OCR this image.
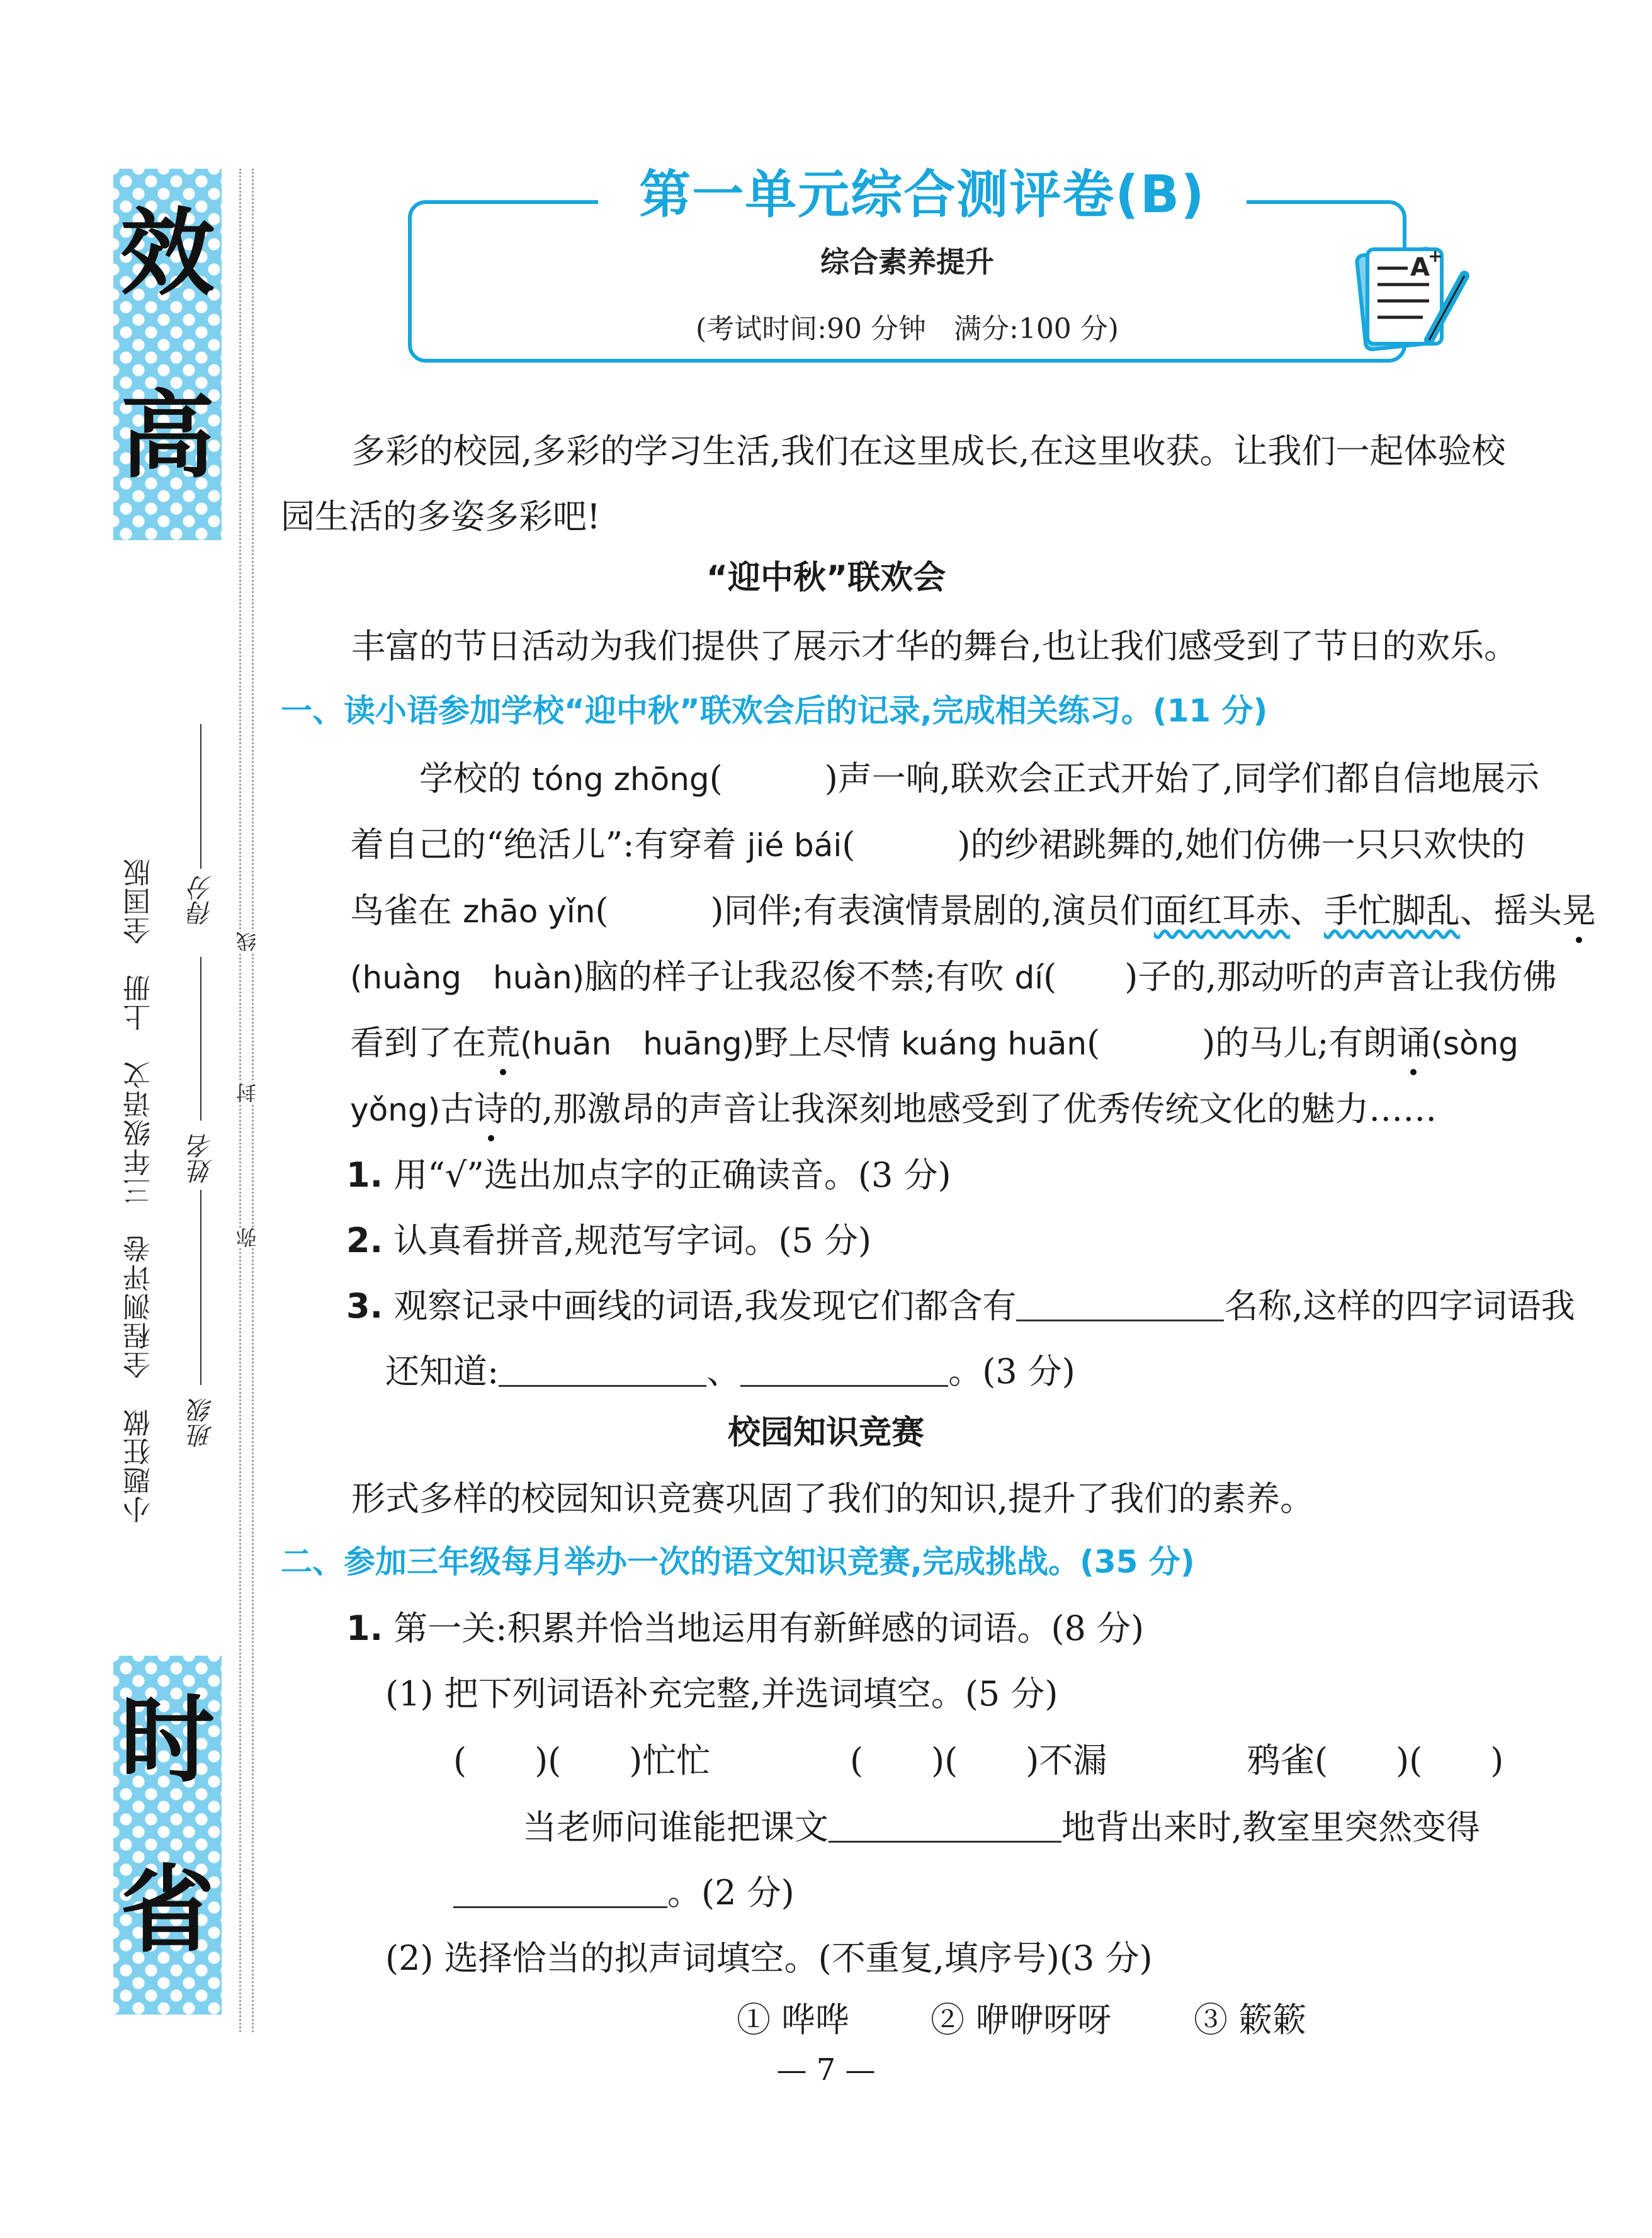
效
高
时
省
小题狂做　全程测评卷　三年级语文　上册　全国版 班级
姓名
得分
弥
封
线
第一单元综合测评卷(B)
综合素养提升
(考试时间:90 分钟　满分:100 分)
A
+
多彩的校园,多彩的学习生活,我们在这里成长,在这里收获。让我们一起体验校
园生活的多姿多彩吧!
“迎中秋”联欢会
丰富的节日活动为我们提供了展示才华的舞台,也让我们感受到了节日的欢乐。
一、读小语参加学校“迎中秋”联欢会后的记录,完成相关练习。(11 分)
学校的 tóng zhōng(　　　)声一响,联欢会正式开始了,同学们都自信地展示
着自己的“绝活儿”:有穿着 jié bái(　　　)的纱裙跳舞的,她们仿佛一只只欢快的
鸟雀在 zhāo yǐn(　　　)同伴;有表演情景剧的,演员们面红耳赤、手忙脚乱、摇头晃
(huàng　huàn)脑的样子让我忍俊不禁;有吹 dí(　　)子的,那动听的声音让我仿佛
看到了在荒(huān　huāng)野上尽情 kuáng huān(　　　)的马儿;有朗诵(sòng
yǒng)古诗的,那激昂的声音让我深刻地感受到了优秀传统文化的魅力……
1. 用“√”选出加点字的正确读音。(3 分)
2. 认真看拼音,规范写字词。(5 分)
3. 观察记录中画线的词语,我发现它们都含有	名称,这样的四字词语我
还知道:	、	。(3 分)
校园知识竞赛
形式多样的校园知识竞赛巩固了我们的知识,提升了我们的素养。
二、参加三年级每月举办一次的语文知识竞赛,完成挑战。(35 分)
1. 第一关:积累并恰当地运用有新鲜感的词语。(8 分)
(1) 把下列词语补充完整,并选词填空。(5 分)
(　　)(　　)忙忙	(　　)(　　)不漏	鸦雀(　　)(　　)
当老师问谁能把课文	地背出来时,教室里突然变得
。(2 分)
(2) 选择恰当的拟声词填空。(不重复,填序号)(3 分)
① 哗哗 ② 咿咿呀呀 ③ 簌簌
— 7 —
